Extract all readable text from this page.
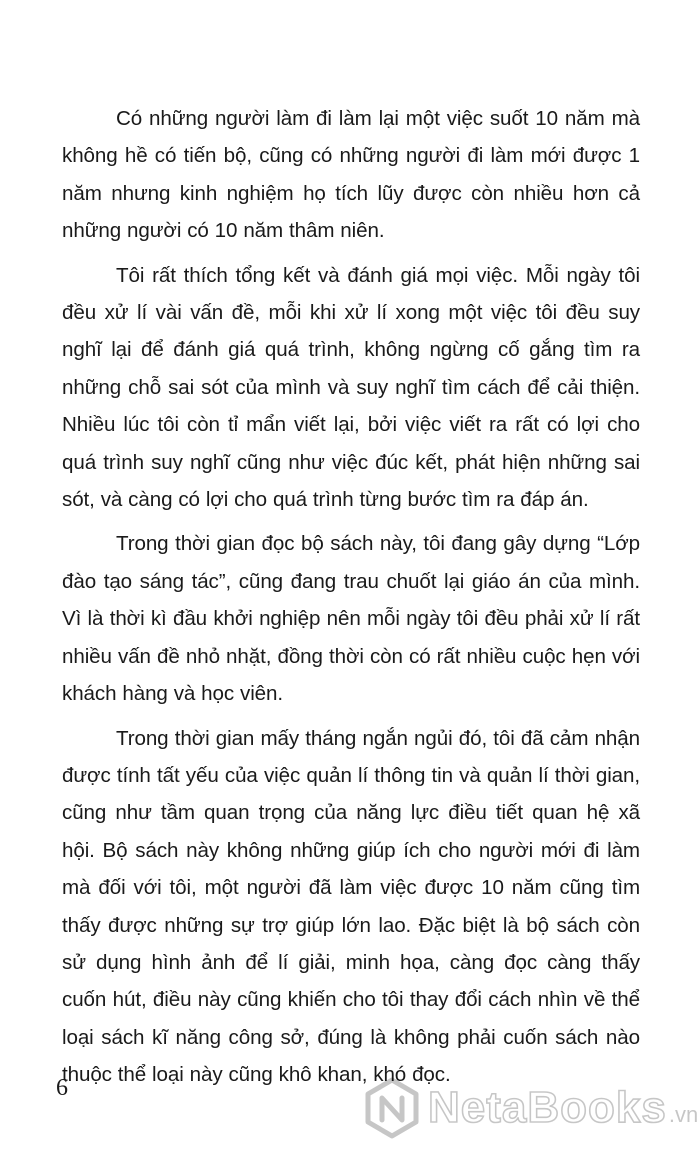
Có những người làm đi làm lại một việc suốt 10 năm mà không hề có tiến bộ, cũng có những người đi làm mới được 1 năm nhưng kinh nghiệm họ tích lũy được còn nhiều hơn cả những người có 10 năm thâm niên.

Tôi rất thích tổng kết và đánh giá mọi việc. Mỗi ngày tôi đều xử lí vài vấn đề, mỗi khi xử lí xong một việc tôi đều suy nghĩ lại để đánh giá quá trình, không ngừng cố gắng tìm ra những chỗ sai sót của mình và suy nghĩ tìm cách để cải thiện. Nhiều lúc tôi còn tỉ mẩn viết lại, bởi việc viết ra rất có lợi cho quá trình suy nghĩ cũng như việc đúc kết, phát hiện những sai sót, và càng có lợi cho quá trình từng bước tìm ra đáp án.

Trong thời gian đọc bộ sách này, tôi đang gây dựng “Lớp đào tạo sáng tác”, cũng đang trau chuốt lại giáo án của mình. Vì là thời kì đầu khởi nghiệp nên mỗi ngày tôi đều phải xử lí rất nhiều vấn đề nhỏ nhặt, đồng thời còn có rất nhiều cuộc hẹn với khách hàng và học viên.

Trong thời gian mấy tháng ngắn ngủi đó, tôi đã cảm nhận được tính tất yếu của việc quản lí thông tin và quản lí thời gian, cũng như tầm quan trọng của năng lực điều tiết quan hệ xã hội. Bộ sách này không những giúp ích cho người mới đi làm mà đối với tôi, một người đã làm việc được 10 năm cũng tìm thấy được những sự trợ giúp lớn lao. Đặc biệt là bộ sách còn sử dụng hình ảnh để lí giải, minh họa, càng đọc càng thấy cuốn hút, điều này cũng khiến cho tôi thay đổi cách nhìn về thể loại sách kĩ năng công sở, đúng là không phải cuốn sách nào thuộc thể loại này cũng khô khan, khó đọc.

6	NetaBooks .vn
